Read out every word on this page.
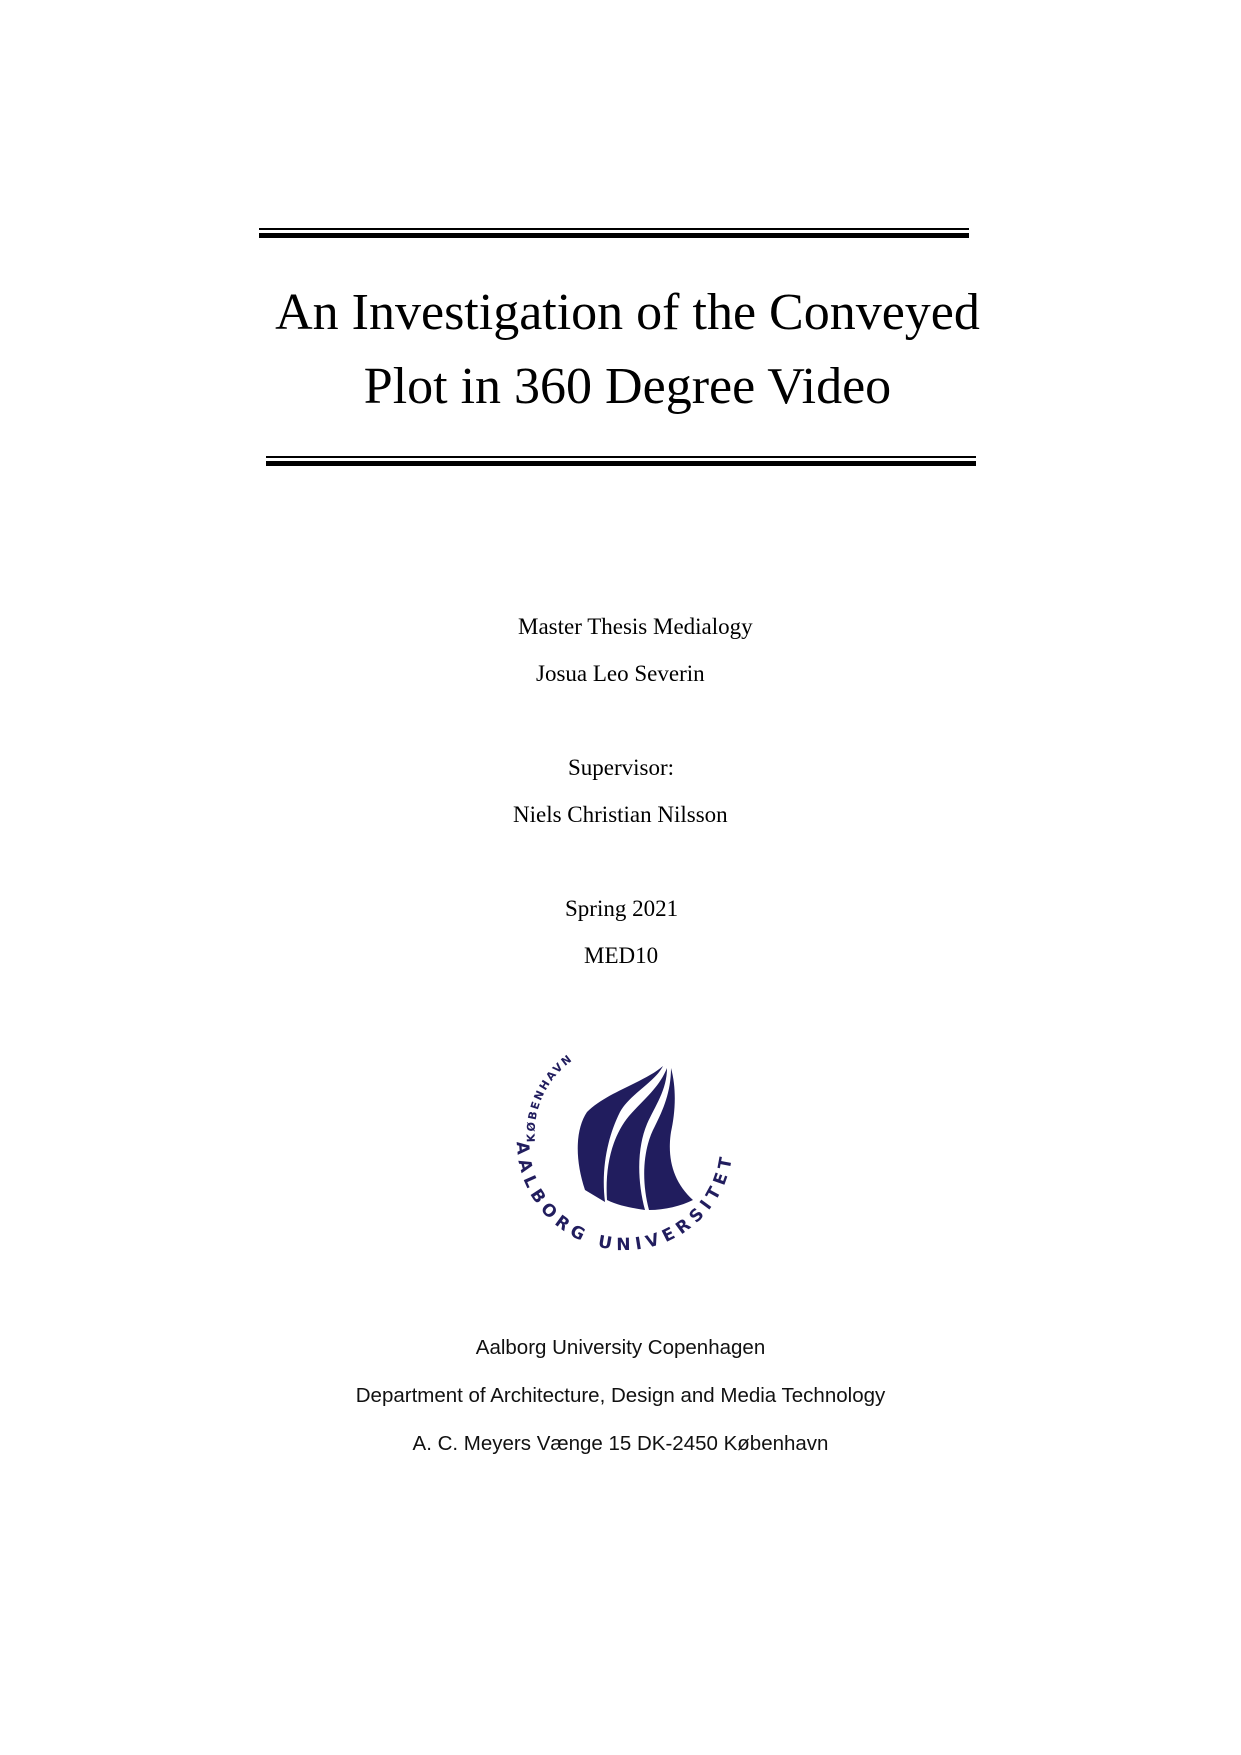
An Investigation of the Conveyed
Plot in 360 Degree Video
Master Thesis Medialogy
Josua Leo Severin
Supervisor:
Niels Christian Nilsson
Spring 2021
MED10
KØBENHAVN
AALBORG UNIVERSITET
Aalborg University Copenhagen
Department of Architecture, Design and Media Technology
A. C. Meyers Vænge 15 DK-2450 København
